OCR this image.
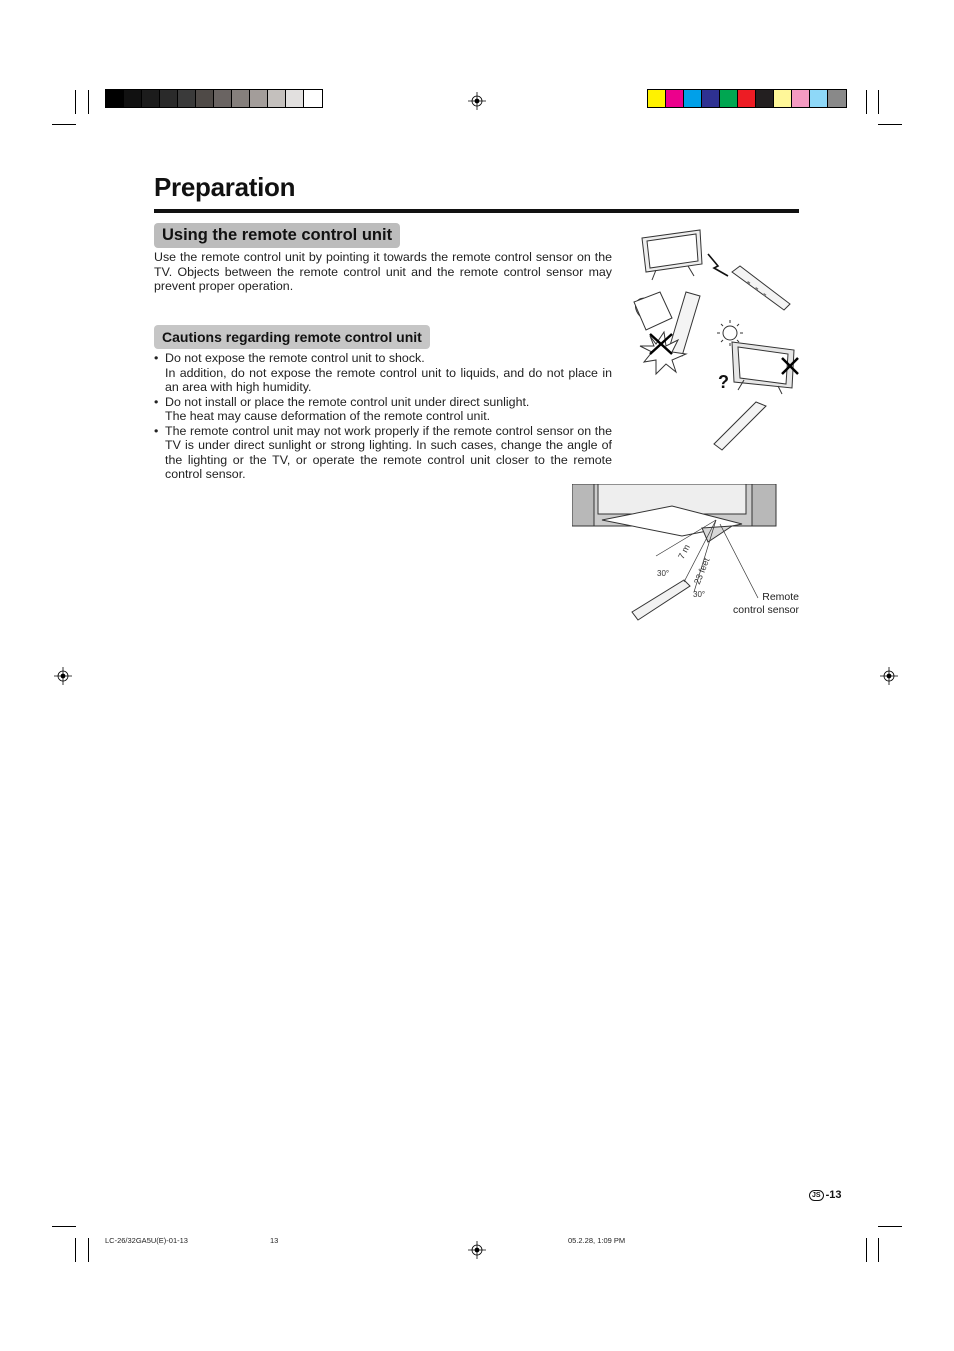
Preparation
Using the remote control unit
Use the remote control unit by pointing it towards the remote control sensor on the TV. Objects between the remote control unit and the remote control sensor may prevent proper operation.
Cautions regarding remote control unit
• Do not expose the remote control unit to shock.
In addition, do not expose the remote control unit to liquids, and do not place in an area with high humidity.
• Do not install or place the remote control unit under direct sunlight.
The heat may cause deformation of the remote control unit.
• The remote control unit may not work properly if the remote control sensor on the TV is under direct sunlight or strong lighting. In such cases, change the angle of the lighting or the TV, or operate the remote control unit closer to the remote control sensor.
?
30°
30°
7 m
23 feet
Remote
control sensor
JS -13
LC-26/32GA5U(E)-01-13	13	05.2.28, 1:09 PM
